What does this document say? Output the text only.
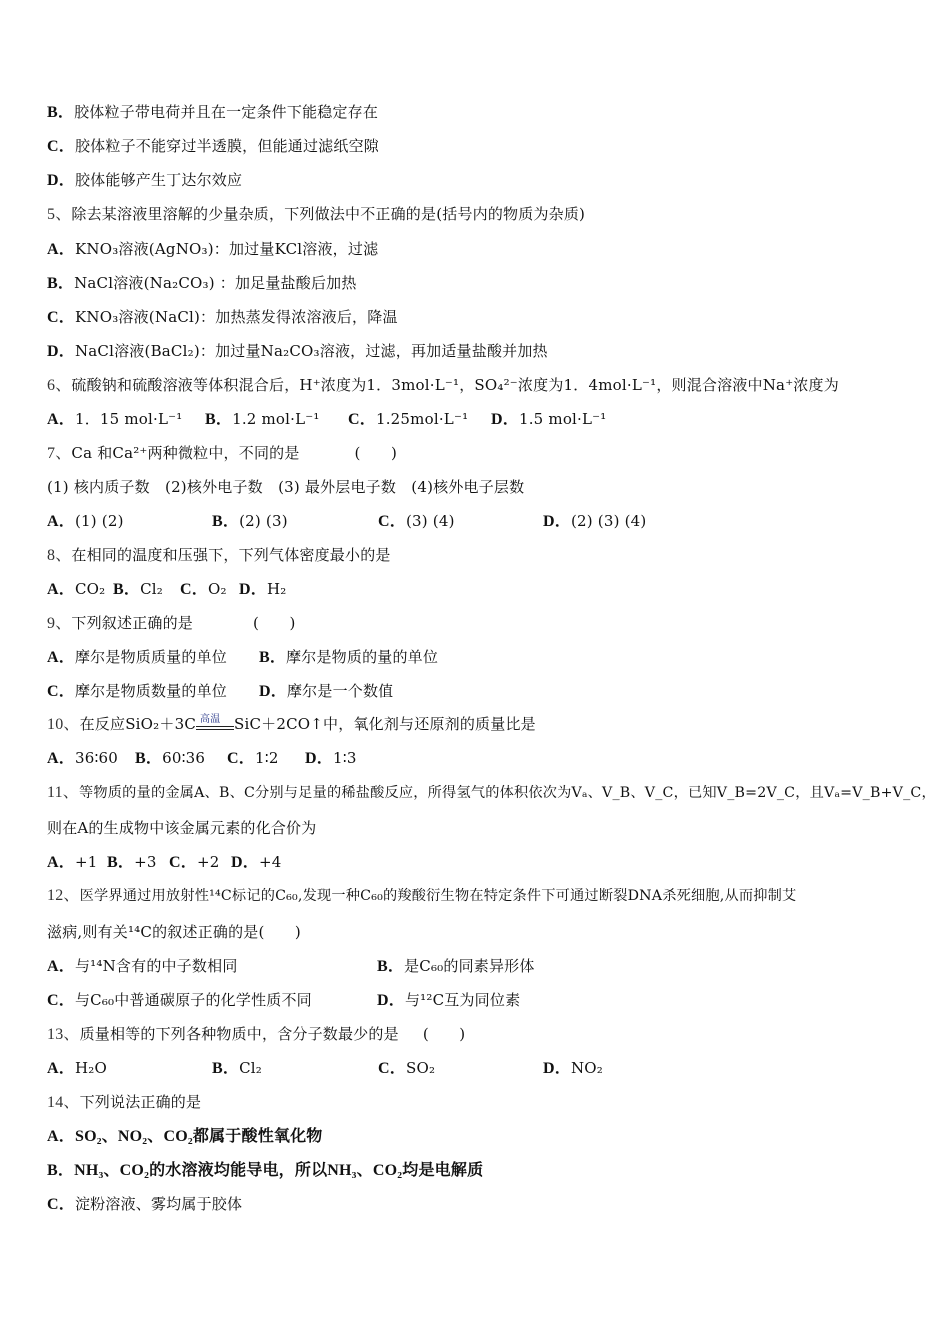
B．胶体粒子带电荷并且在一定条件下能稳定存在
C．胶体粒子不能穿过半透膜，但能通过滤纸空隙
D．胶体能够产生丁达尔效应
5、除去某溶液里溶解的少量杂质，下列做法中不正确的是(括号内的物质为杂质)
A．KNO₃溶液(AgNO₃)：加过量KCl溶液，过滤
B．NaCl溶液(Na₂CO₃) ：加足量盐酸后加热
C．KNO₃溶液(NaCl)：加热蒸发得浓溶液后，降温
D．NaCl溶液(BaCl₂)：加过量Na₂CO₃溶液，过滤，再加适量盐酸并加热
6、硫酸钠和硫酸溶液等体积混合后，H⁺浓度为1．3mol·L⁻¹，SO₄²⁻浓度为1．4mol·L⁻¹，则混合溶液中Na⁺浓度为
A．1．15 mol·L⁻¹ B．1.2 mol·L⁻¹ C．1.25mol·L⁻¹ D．1.5 mol·L⁻¹
7、Ca 和Ca²⁺两种微粒中，不同的是	(　　)
(1) 核内质子数　(2)核外电子数　(3) 最外层电子数　(4)核外电子层数
A．(1) (2)	B．(2) (3)	C．(3) (4)	D．(2) (3) (4)
8、在相同的温度和压强下，下列气体密度最小的是
A．CO₂ B．Cl₂ C．O₂ D．H₂
9、下列叙述正确的是	(　　)
A．摩尔是物质质量的单位 B．摩尔是物质的量的单位
C．摩尔是物质数量的单位 D．摩尔是一个数值
10、在反应SiO₂＋3C 高温 SiC＋2CO↑中，氧化剂与还原剂的质量比是
A．36∶60 B．60∶36 C．1∶2 D．1∶3
11、等物质的量的金属A、B、C分别与足量的稀盐酸反应，所得氢气的体积依次为Vₐ、V_B、V_C，已知V_B=2V_C，且Vₐ=V_B+V_C，
则在A的生成物中该金属元素的化合价为
A．+1 B．+3 C．+2 D．+4
12、医学界通过用放射性¹⁴C标记的C₆₀,发现一种C₆₀的羧酸衍生物在特定条件下可通过断裂DNA杀死细胞,从而抑制艾
滋病,则有关¹⁴C的叙述正确的是(　　)
A．与¹⁴N含有的中子数相同	B．是C₆₀的同素异形体
C．与C₆₀中普通碳原子的化学性质不同	D．与¹²C互为同位素
13、质量相等的下列各种物质中，含分子数最少的是 (　　)
A．H₂O	B．Cl₂	C．SO₂	D．NO₂
14、下列说法正确的是
A．SO₂、NO₂、CO₂都属于酸性氧化物
B．NH₃、CO₂的水溶液均能导电，所以NH₃、CO₂均是电解质
C．淀粉溶液、雾均属于胶体
